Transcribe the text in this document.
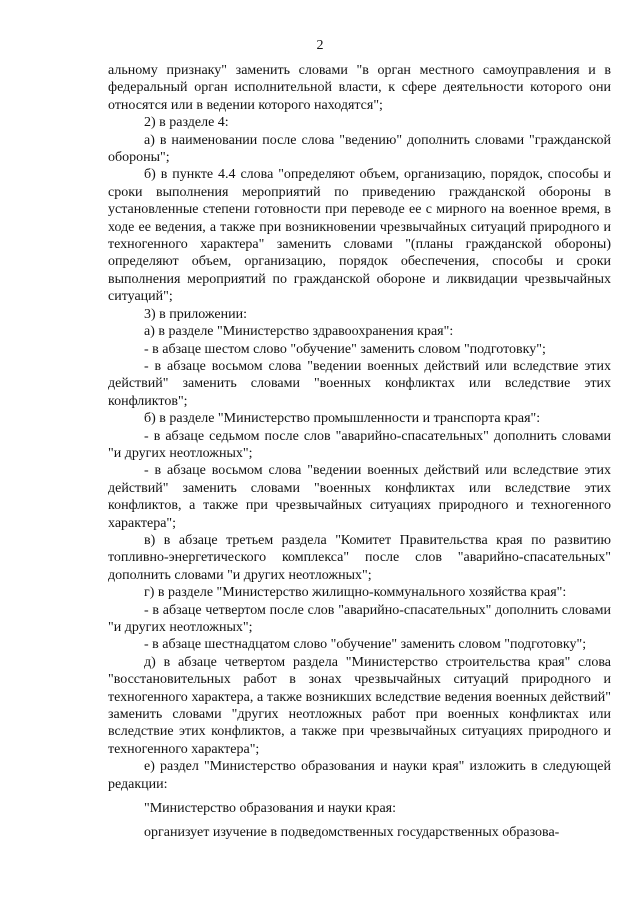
2

альному признаку" заменить словами "в орган местного самоуправления и в федеральный орган исполнительной власти, к сфере деятельности которого они относятся или в ведении которого находятся";

2) в разделе 4:

а) в наименовании после слова "ведению" дополнить словами "гражданской обороны";

б) в пункте 4.4 слова "определяют объем, организацию, порядок, способы и сроки выполнения мероприятий по приведению гражданской обороны в установленные степени готовности при переводе ее с мирного на военное время, в ходе ее ведения, а также при возникновении чрезвычайных ситуаций природного и техногенного характера" заменить словами "(планы гражданской обороны) определяют объем, организацию, порядок обеспечения, способы и сроки выполнения мероприятий по гражданской обороне и ликвидации чрезвычайных ситуаций";

3) в приложении:

а) в разделе "Министерство здравоохранения края":

- в абзаце шестом слово "обучение" заменить словом "подготовку";

- в абзаце восьмом слова "ведении военных действий или вследствие этих действий" заменить словами "военных конфликтах или вследствие этих конфликтов";

б) в разделе "Министерство промышленности и транспорта края":

- в абзаце седьмом после слов "аварийно-спасательных" дополнить словами "и других неотложных";

- в абзаце восьмом слова "ведении военных действий или вследствие этих действий" заменить словами "военных конфликтах или вследствие этих конфликтов, а также при чрезвычайных ситуациях природного и техногенного характера";

в) в абзаце третьем раздела "Комитет Правительства края по развитию топливно-энергетического комплекса" после слов "аварийно-спасательных" дополнить словами "и других неотложных";

г) в разделе "Министерство жилищно-коммунального хозяйства края":

- в абзаце четвертом после слов "аварийно-спасательных" дополнить словами "и других неотложных";

- в абзаце шестнадцатом слово "обучение" заменить словом "подготовку";

д) в абзаце четвертом раздела "Министерство строительства края" слова "восстановительных работ в зонах чрезвычайных ситуаций природного и техногенного характера, а также возникших вследствие ведения военных действий" заменить словами "других неотложных работ при военных конфликтах или вследствие этих конфликтов, а также при чрезвычайных ситуациях природного и техногенного характера";

е) раздел "Министерство образования и науки края" изложить в следующей редакции:

"Министерство образования и науки края:

организует изучение в подведомственных государственных образова-
